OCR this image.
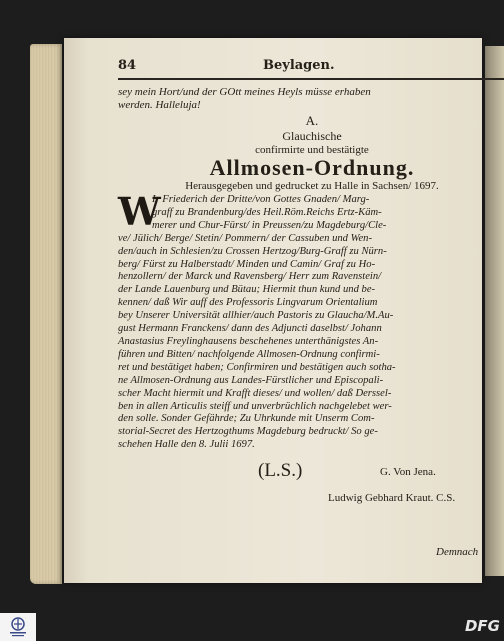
84	Beylagen.
sey mein Hort/und der GOtt meines Heyls müsse erhaben
werden. Halleluja!
A.
Glauchische
confirmirte und bestätigte
Allmosen-Ordnung.
Herausgegeben und gedrucket zu Halle in Sachsen/ 1697.
W
Ir Friederich der Dritte/von Gottes Gnaden/ Marg-
graff zu Brandenburg/des Heil.Röm.Reichs Ertz-Käm-
merer und Chur-Fürst/ in Preussen/zu Magdeburg/Cle-
ve/ Jülich/ Berge/ Stetin/ Pommern/ der Cassuben und Wen-
den/auch in Schlesien/zu Crossen Hertzog/Burg-Graff zu Nürn-
berg/ Fürst zu Halberstadt/ Minden und Camin/ Graf zu Ho-
henzollern/ der Marck und Ravensberg/ Herr zum Ravenstein/
der Lande Lauenburg und Bütau; Hiermit thun kund und be-
kennen/ daß Wir auff des Professoris Lingvarum Orientalium
bey Unserer Universität allhier/auch Pastoris zu Glaucha/M.Au-
gust Hermann Franckens/ dann des Adjuncti daselbst/ Johann
Anastasius Freylinghausens beschehenes unterthänigstes An-
führen und Bitten/ nachfolgende Allmosen-Ordnung confirmi-
ret und bestätiget haben; Confirmiren und bestätigen auch sotha-
ne Allmosen-Ordnung aus Landes-Fürstlicher und Episcopali-
scher Macht hiermit und Krafft dieses/ und wollen/ daß Derssel-
ben in allen Articulis steiff und unverbrüchlich nachgelebet wer-
den solle. Sonder Gefährde; Zu Uhrkunde mit Unserm Com-
storial-Secret des Hertzogthums Magdeburg bedruckt/ So ge-
schehen Halle den 8. Julii 1697.
(L.S.)	G. Von Jena.
Ludwig Gebhard Kraut. C.S.
Demnach
DFG
